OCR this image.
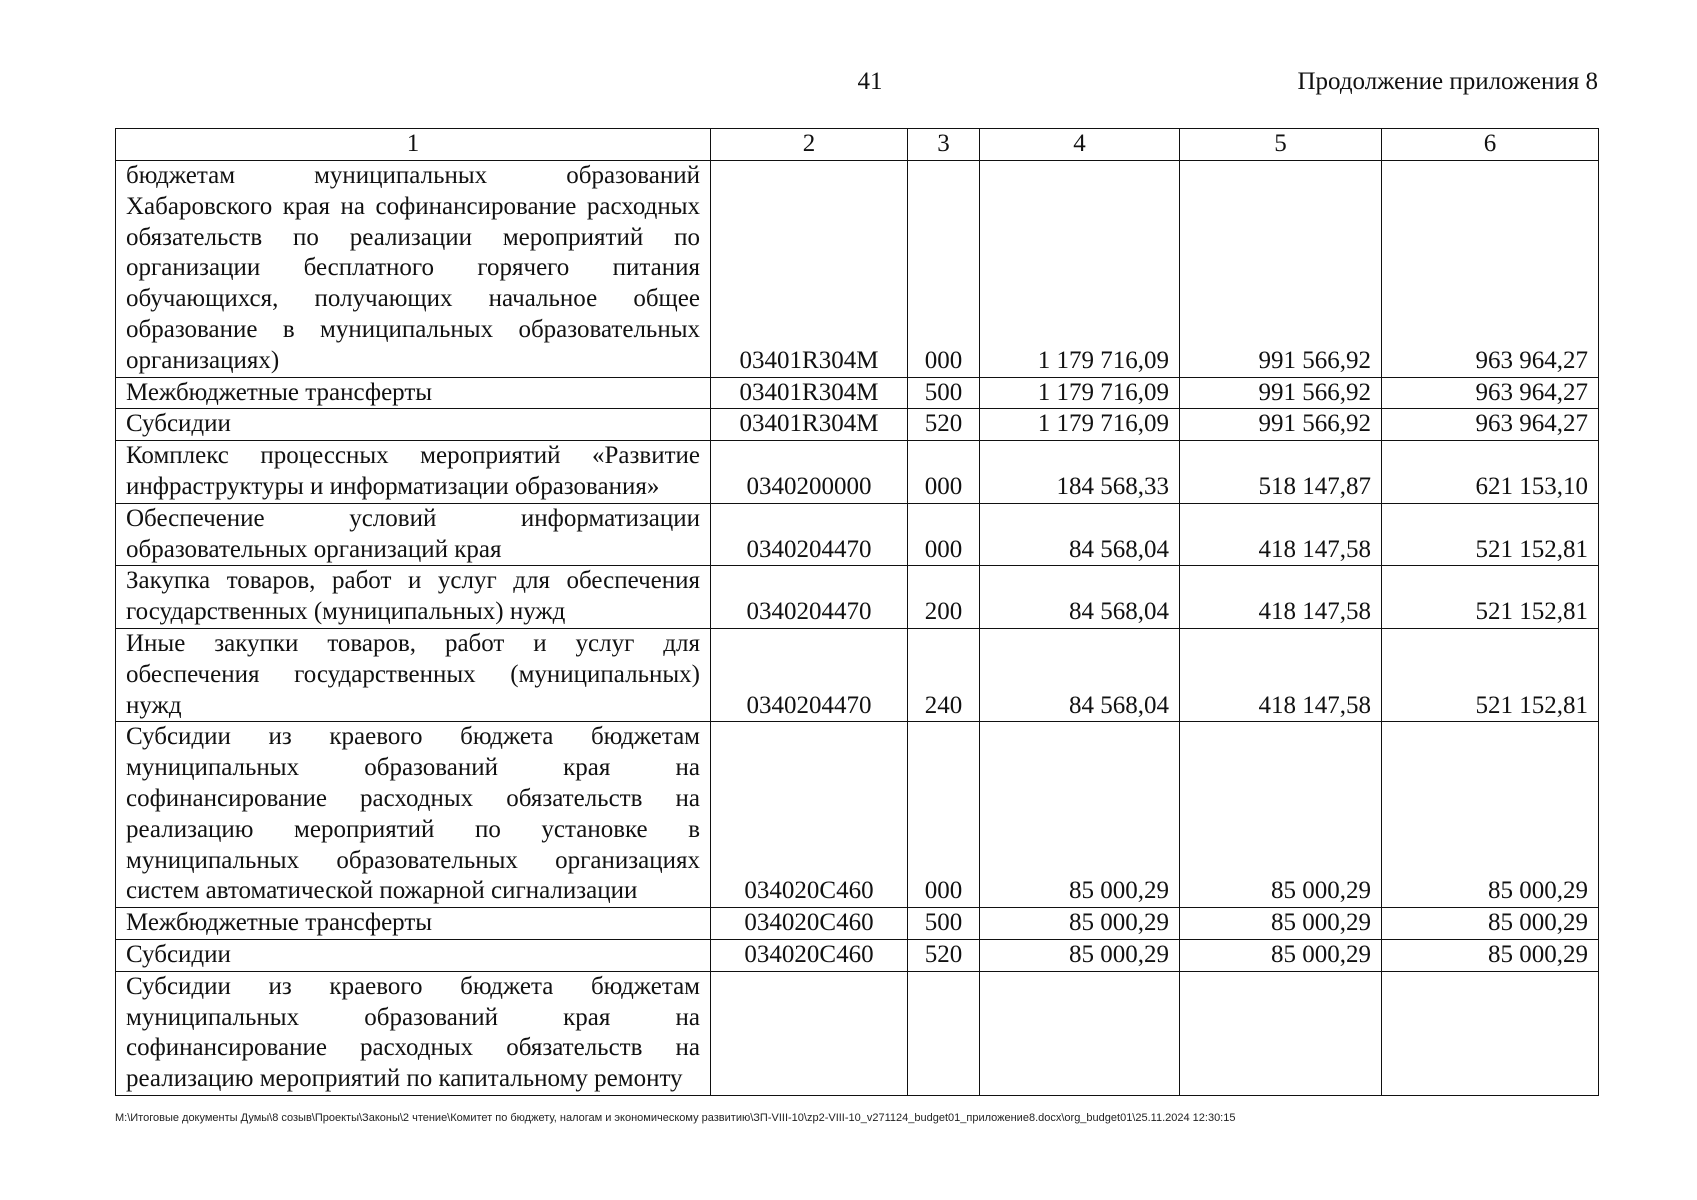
41	Продолжение приложения 8
1	2	3	4	5	6
бюджетам муниципальных образований Хабаровского края на софинансирование расходных обязательств по реализации мероприятий по организации бесплатного горячего питания обучающихся, получающих начальное общее образование в муниципальных образовательных организациях)	03401R304M	000	1 179 716,09	991 566,92	963 964,27
Межбюджетные трансферты	03401R304M	500	1 179 716,09	991 566,92	963 964,27
Субсидии	03401R304M	520	1 179 716,09	991 566,92	963 964,27
Комплекс процессных мероприятий «Развитие инфраструктуры и информатизации образования»	0340200000	000	184 568,33	518 147,87	621 153,10
Обеспечение условий информатизации образовательных организаций края	0340204470	000	84 568,04	418 147,58	521 152,81
Закупка товаров, работ и услуг для обеспечения государственных (муниципальных) нужд	0340204470	200	84 568,04	418 147,58	521 152,81
Иные закупки товаров, работ и услуг для обеспечения государственных (муниципальных) нужд	0340204470	240	84 568,04	418 147,58	521 152,81
Субсидии из краевого бюджета бюджетам муниципальных образований края на софинансирование расходных обязательств на реализацию мероприятий по установке в муниципальных образовательных организациях систем автоматической пожарной сигнализации	034020С460	000	85 000,29	85 000,29	85 000,29
Межбюджетные трансферты	034020С460	500	85 000,29	85 000,29	85 000,29
Субсидии	034020С460	520	85 000,29	85 000,29	85 000,29
Субсидии из краевого бюджета бюджетам муниципальных образований края на софинансирование расходных обязательств на реализацию мероприятий по капитальному ремонту					
M:\Итоговые документы Думы\8 созыв\Проекты\Законы\2 чтение\Комитет по бюджету, налогам и экономическому развитию\ЗП-VIII-10\zp2-VIII-10_v271124_budget01_приложение8.docx\org_budget01\25.11.2024 12:30:15
